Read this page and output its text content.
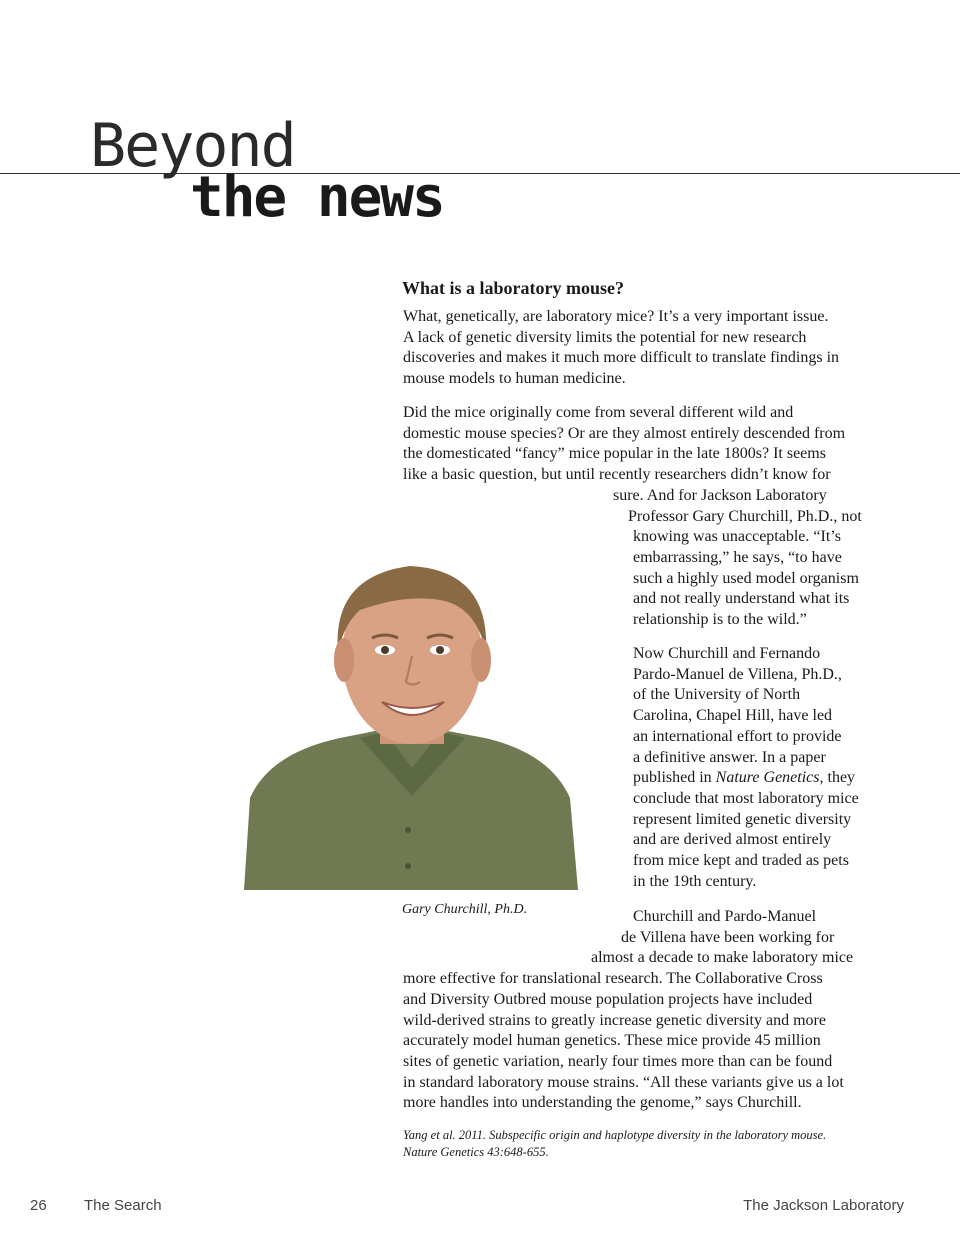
Beyond
the news
What is a laboratory mouse?
What, genetically, are laboratory mice? It’s a very important issue.
A lack of genetic diversity limits the potential for new research
discoveries and makes it much more difficult to translate findings in
mouse models to human medicine.
Did the mice originally come from several different wild and
domestic mouse species? Or are they almost entirely descended from
the domesticated “fancy” mice popular in the late 1800s? It seems
like a basic question, but until recently researchers didn’t know for
sure. And for Jackson Laboratory
Professor Gary Churchill, Ph.D., not
knowing was unacceptable. “It’s
embarrassing,” he says, “to have
such a highly used model organism
and not really understand what its
relationship is to the wild.”
Now Churchill and Fernando
Pardo-Manuel de Villena, Ph.D.,
of the University of North
Carolina, Chapel Hill, have led
an international effort to provide
a definitive answer. In a paper
published in Nature Genetics, they
conclude that most laboratory mice
represent limited genetic diversity
and are derived almost entirely
from mice kept and traded as pets
in the 19th century.
Gary Churchill, Ph.D.	Churchill and Pardo-Manuel
de Villena have been working for
almost a decade to make laboratory mice
more effective for translational research. The Collaborative Cross
and Diversity Outbred mouse population projects have included
wild-derived strains to greatly increase genetic diversity and more
accurately model human genetics. These mice provide 45 million
sites of genetic variation, nearly four times more than can be found
in standard laboratory mouse strains. “All these variants give us a lot
more handles into understanding the genome,” says Churchill.
Yang et al. 2011. Subspecific origin and haplotype diversity in the laboratory mouse.
Nature Genetics 43:648-655.
26 The Search	The Jackson Laboratory
